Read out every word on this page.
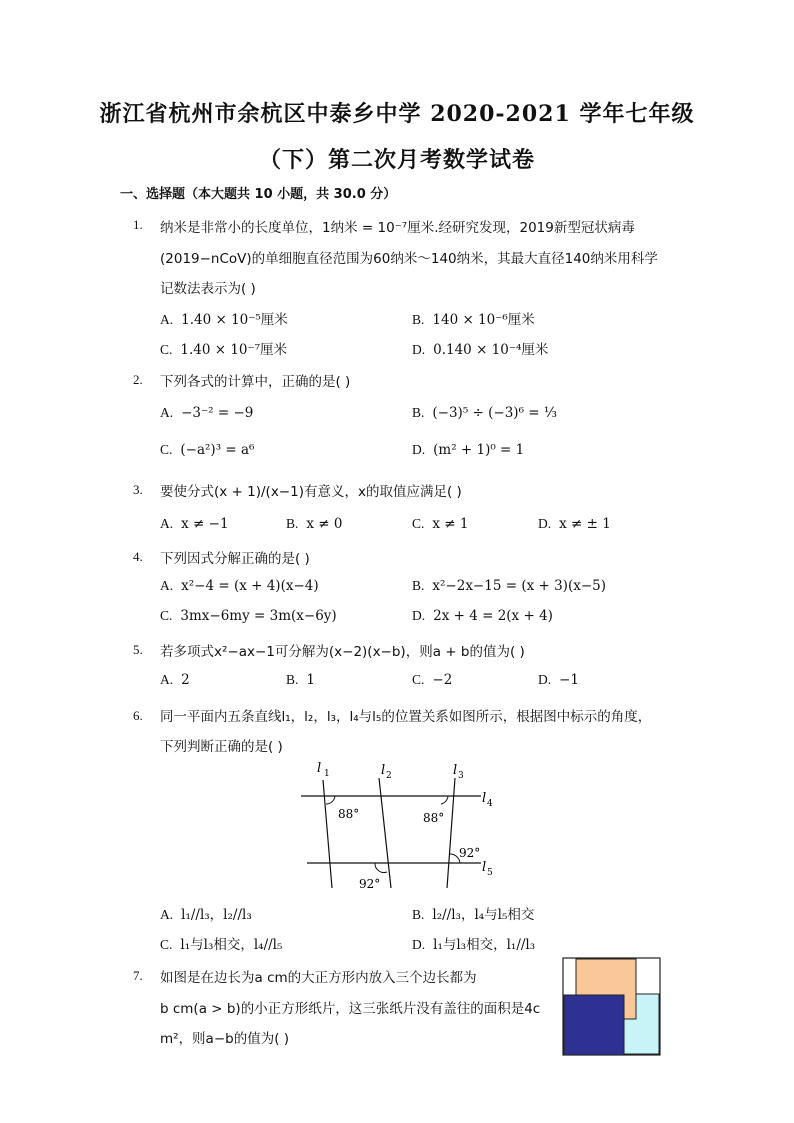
浙江省杭州市余杭区中泰乡中学 2020-2021 学年七年级
（下）第二次月考数学试卷
一、选择题（本大题共 10 小题，共 30.0 分）
1. 纳米是非常小的长度单位，1纳米 = 10⁻⁷厘米.经研究发现，2019新型冠状病毒
(2019−nCoV)的单细胞直径范围为60纳米～140纳米，其最大直径140纳米用科学
记数法表示为( )
A. 1.40 × 10⁻⁵厘米	B. 140 × 10⁻⁶厘米
C. 1.40 × 10⁻⁷厘米	D. 0.140 × 10⁻⁴厘米
2. 下列各式的计算中，正确的是( )
A. −3⁻² = −9	B. (−3)⁵ ÷ (−3)⁶ = ⅓
C. (−a²)³ = a⁶	D. (m² + 1)⁰ = 1
3. 要使分式(x + 1)/(x−1)有意义，x的取值应满足( )
A. x ≠ −1	B. x ≠ 0	C. x ≠ 1	D. x ≠ ± 1
4. 下列因式分解正确的是( )
A. x²−4 = (x + 4)(x−4)	B. x²−2x−15 = (x + 3)(x−5)
C. 3mx−6my = 3m(x−6y)	D. 2x + 4 = 2(x + 4)
5. 若多项式x²−ax−1可分解为(x−2)(x−b)，则a + b的值为( )
A. 2	B. 1	C. −2	D. −1
6. 同一平面内五条直线l₁，l₂，l₃，l₄与l₅的位置关系如图所示，根据图中标示的角度，
下列判断正确的是( )
l 1	l 2	l 3
l 4
l 5
88°	88°
92°
92°
A. l₁//l₃，l₂//l₃	B. l₂//l₃，l₄与l₅相交
C. l₁与l₃相交，l₄//l₅	D. l₁与l₃相交，l₁//l₃
7. 如图是在边长为a cm的大正方形内放入三个边长都为
b cm(a > b)的小正方形纸片，这三张纸片没有盖往的面积是4c
m²，则a−b的值为( )
